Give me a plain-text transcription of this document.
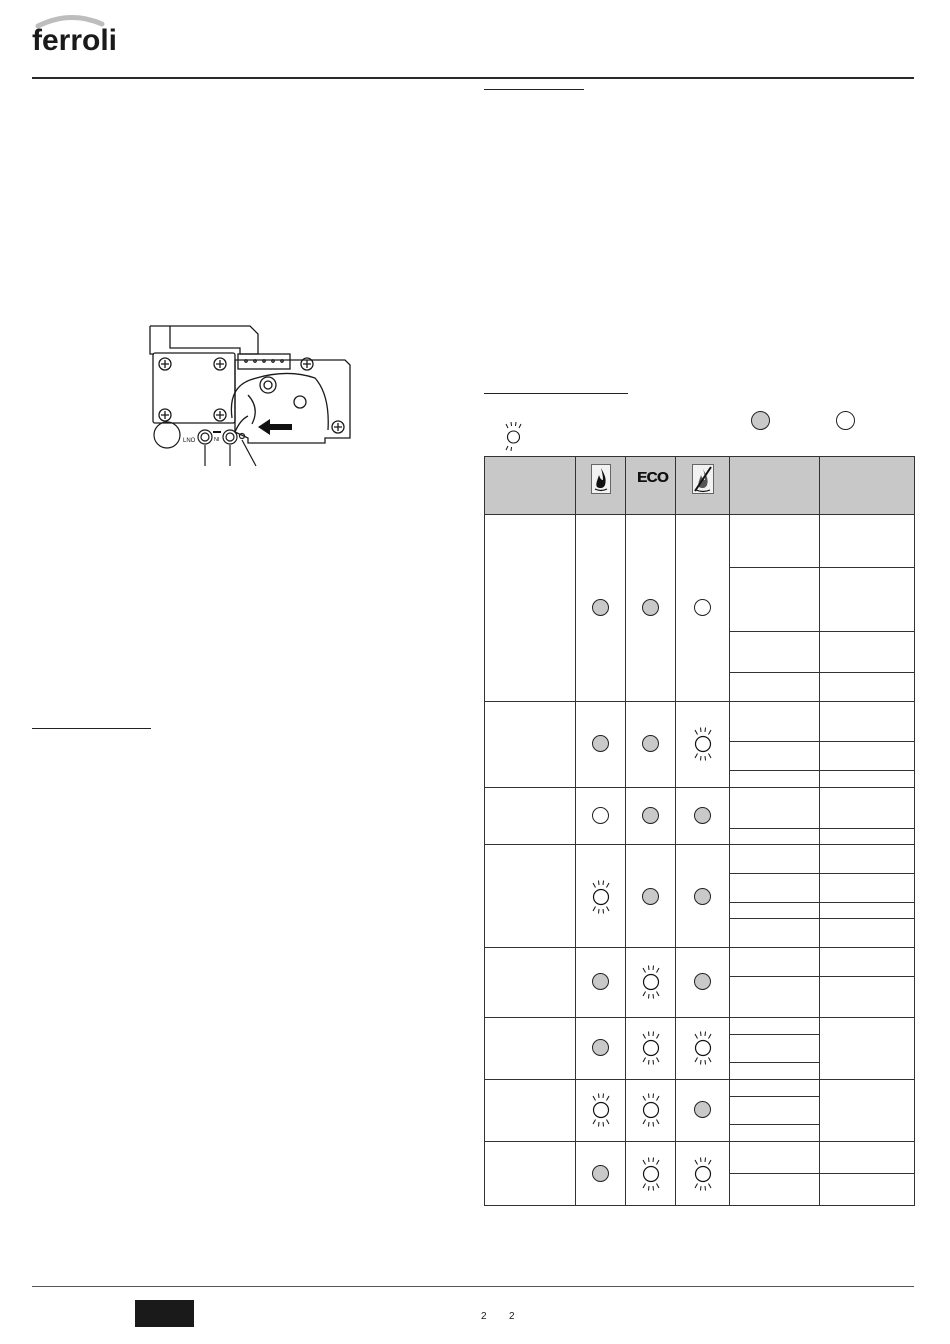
ferroli
LNO	NI
ECO
2 2
